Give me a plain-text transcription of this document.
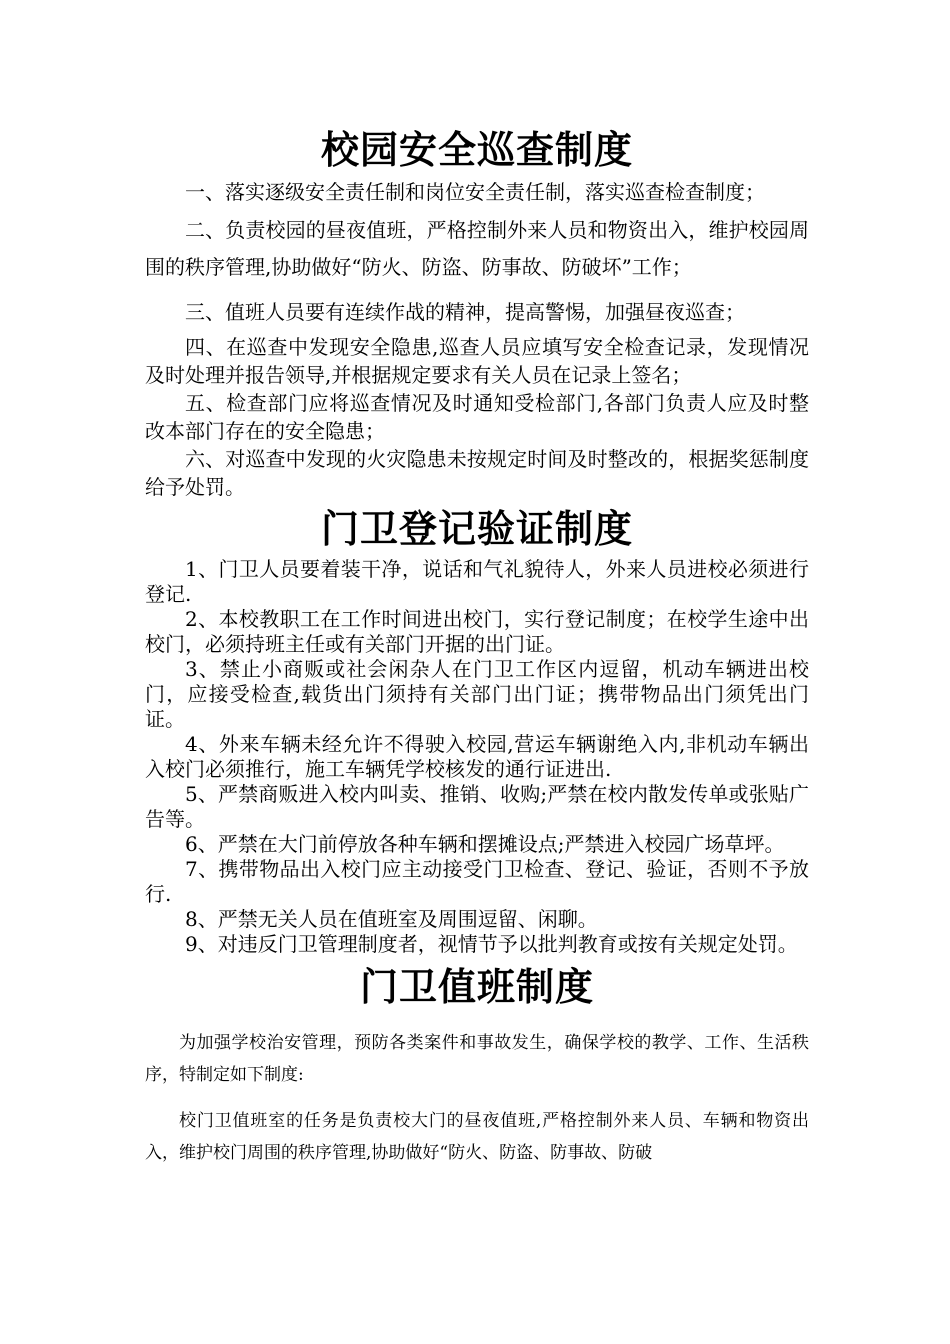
校园安全巡查制度

一、落实逐级安全责任制和岗位安全责任制，落实巡查检查制度；

二、负责校园的昼夜值班，严格控制外来人员和物资出入，维护校园周围的秩序管理,协助做好“防火、防盗、防事故、防破坏”工作；

三、值班人员要有连续作战的精神，提高警惕，加强昼夜巡查；

四、在巡查中发现安全隐患,巡查人员应填写安全检查记录，发现情况及时处理并报告领导,并根据规定要求有关人员在记录上签名；

五、检查部门应将巡查情况及时通知受检部门,各部门负责人应及时整改本部门存在的安全隐患；

六、对巡查中发现的火灾隐患未按规定时间及时整改的，根据奖惩制度给予处罚。

门卫登记验证制度

1、门卫人员要着装干净，说话和气礼貌待人，外来人员进校必须进行登记.

2、本校教职工在工作时间进出校门，实行登记制度；在校学生途中出校门，必须持班主任或有关部门开据的出门证。

3、禁止小商贩或社会闲杂人在门卫工作区内逗留，机动车辆进出校门，应接受检查,载货出门须持有关部门出门证；携带物品出门须凭出门证。

4、外来车辆未经允许不得驶入校园,营运车辆谢绝入内,非机动车辆出入校门必须推行，施工车辆凭学校核发的通行证进出.

5、严禁商贩进入校内叫卖、推销、收购;严禁在校内散发传单或张贴广告等。

6、严禁在大门前停放各种车辆和摆摊设点;严禁进入校园广场草坪。

7、携带物品出入校门应主动接受门卫检查、登记、验证，否则不予放行.

8、严禁无关人员在值班室及周围逗留、闲聊。

9、对违反门卫管理制度者，视情节予以批判教育或按有关规定处罚。

门卫值班制度

为加强学校治安管理，预防各类案件和事故发生，确保学校的教学、工作、生活秩序，特制定如下制度:

校门卫值班室的任务是负责校大门的昼夜值班,严格控制外来人员、车辆和物资出入，维护校门周围的秩序管理,协助做好“防火、防盗、防事故、防破
